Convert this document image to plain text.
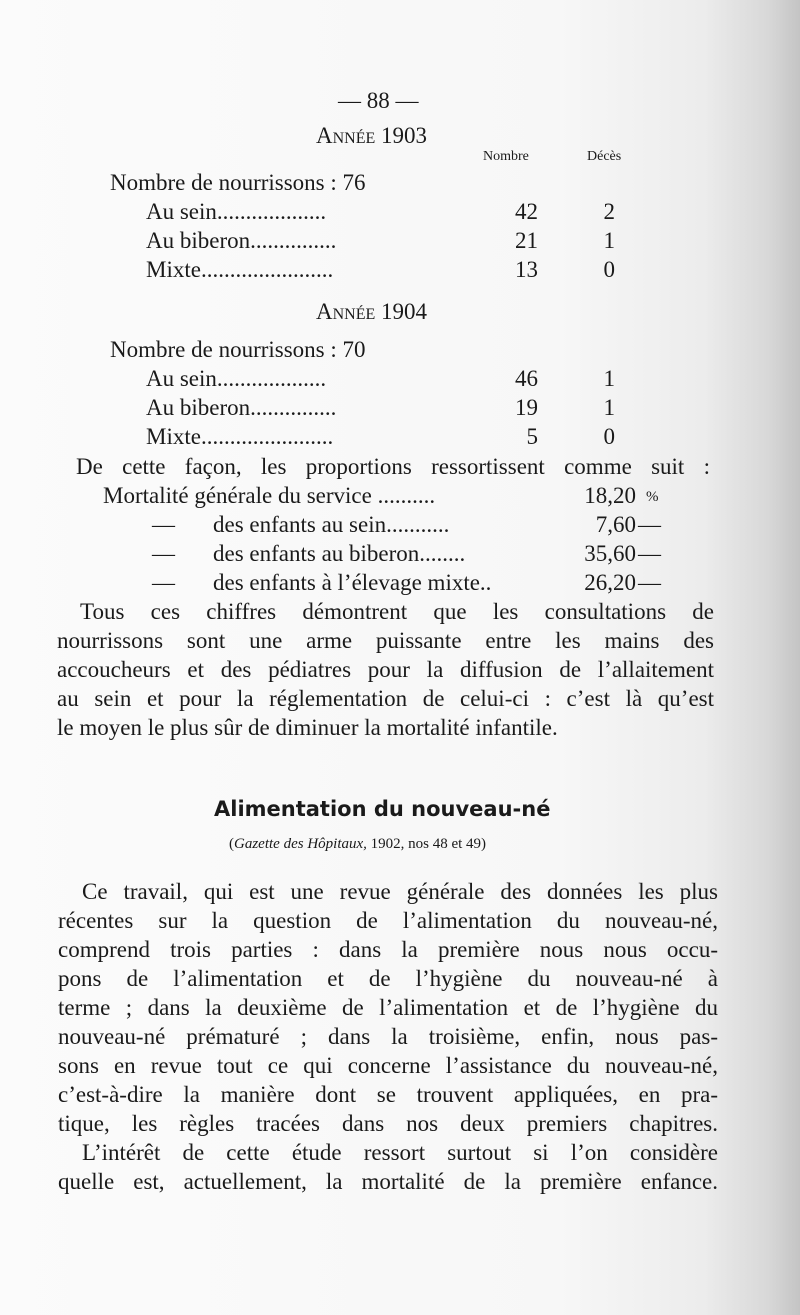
— 88 —
Année 1903
Nombre	Décès
Nombre de nourrissons : 76
Au sein...................	42	2
Au biberon...............	21	1
Mixte.......................	13	0
Année 1904
Nombre de nourrissons : 70
Au sein...................	46	1
Au biberon...............	19	1
Mixte.......................	5	0
De cette façon, les proportions ressortissent comme suit :
Mortalité générale du service ..........	18,20 %
— des enfants au sein...........	7,60 —
— des enfants au biberon........	35,60 —
— des enfants à l’élevage mixte..	26,20 —
Tous ces chiffres démontrent que les consultations de
nourrissons sont une arme puissante entre les mains des
accoucheurs et des pédiatres pour la diffusion de l’allaitement
au sein et pour la réglementation de celui-ci : c’est là qu’est
le moyen le plus sûr de diminuer la mortalité infantile.
Alimentation du nouveau-né
(Gazette des Hôpitaux, 1902, nos 48 et 49)
Ce travail, qui est une revue générale des données les plus
récentes sur la question de l’alimentation du nouveau-né,
comprend trois parties : dans la première nous nous occu-
pons de l’alimentation et de l’hygiène du nouveau-né à
terme ; dans la deuxième de l’alimentation et de l’hygiène du
nouveau-né prématuré ; dans la troisième, enfin, nous pas-
sons en revue tout ce qui concerne l’assistance du nouveau-né,
c’est-à-dire la manière dont se trouvent appliquées, en pra-
tique, les règles tracées dans nos deux premiers chapitres.
L’intérêt de cette étude ressort surtout si l’on considère
quelle est, actuellement, la mortalité de la première enfance.
